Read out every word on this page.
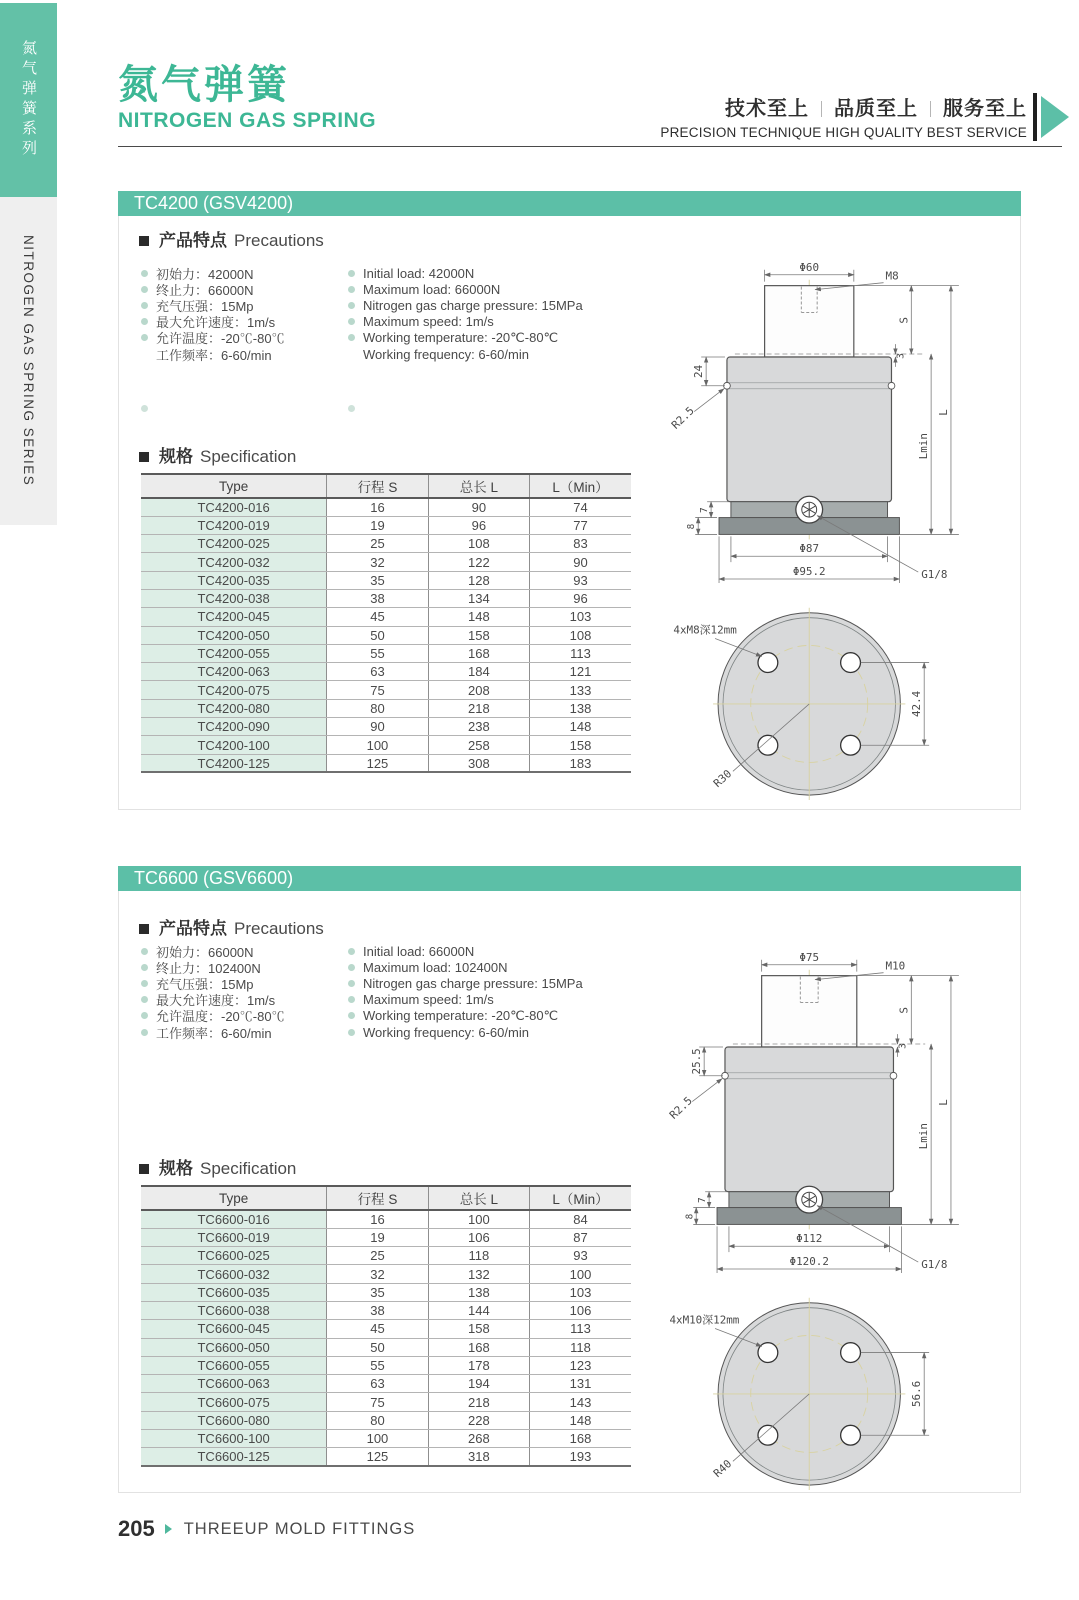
氮气弹簧系列
NITROGEN GAS SPRING SERIES
氮气弹簧
NITROGEN GAS SPRING	技术至上 品质至上 服务至上
PRECISION TECHNIQUE HIGH QUALITY BEST SERVICE
TC4200 (GSV4200)
产品特点 Precautions
初始力：42000N
终止力：66000N
充气压强：15Mp
最大允许速度：1m/s
允许温度：-20℃-80℃
工作频率：6-60/min
Initial load: 42000N
Maximum load: 66000N
Nitrogen gas charge pressure: 15MPa
Maximum speed: 1m/s
Working temperature: -20℃-80℃
Working frequency: 6-60/min
规格 Specification
Type	行程 S	总长 L	L（Min）
TC4200-016	16	90	74
TC4200-019	19	96	77
TC4200-025	25	108	83
TC4200-032	32	122	90
TC4200-035	35	128	93
TC4200-038	38	134	96
TC4200-045	45	148	103
TC4200-050	50	158	108
TC4200-055	55	168	113
TC4200-063	63	184	121
TC4200-075	75	208	133
TC4200-080	80	218	138
TC4200-090	90	238	148
TC4200-100	100	258	158
TC4200-125	125	308	183
Φ60
M8
24
R2.5
7
8
S
3
Lmin
L
Φ87
Φ95.2	G1/8
4xM8深12mm
R30
42.4
TC6600 (GSV6600)
产品特点 Precautions
初始力：66000N
终止力：102400N
充气压强：15Mp
最大允许速度：1m/s
允许温度：-20℃-80℃
工作频率：6-60/min
Initial load: 66000N
Maximum load: 102400N
Nitrogen gas charge pressure: 15MPa
Maximum speed: 1m/s
Working temperature: -20℃-80℃
Working frequency: 6-60/min
规格 Specification
Type	行程 S	总长 L	L（Min）
TC6600-016	16	100	84
TC6600-019	19	106	87
TC6600-025	25	118	93
TC6600-032	32	132	100
TC6600-035	35	138	103
TC6600-038	38	144	106
TC6600-045	45	158	113
TC6600-050	50	168	118
TC6600-055	55	178	123
TC6600-063	63	194	131
TC6600-075	75	218	143
TC6600-080	80	228	148
TC6600-100	100	268	168
TC6600-125	125	318	193
Φ75
M10
25.5
R2.5
7
8
S
3
Lmin
L
Φ112
Φ120.2	G1/8
4xM10深12mm
R40
56.6
205 THREEUP MOLD FITTINGS
